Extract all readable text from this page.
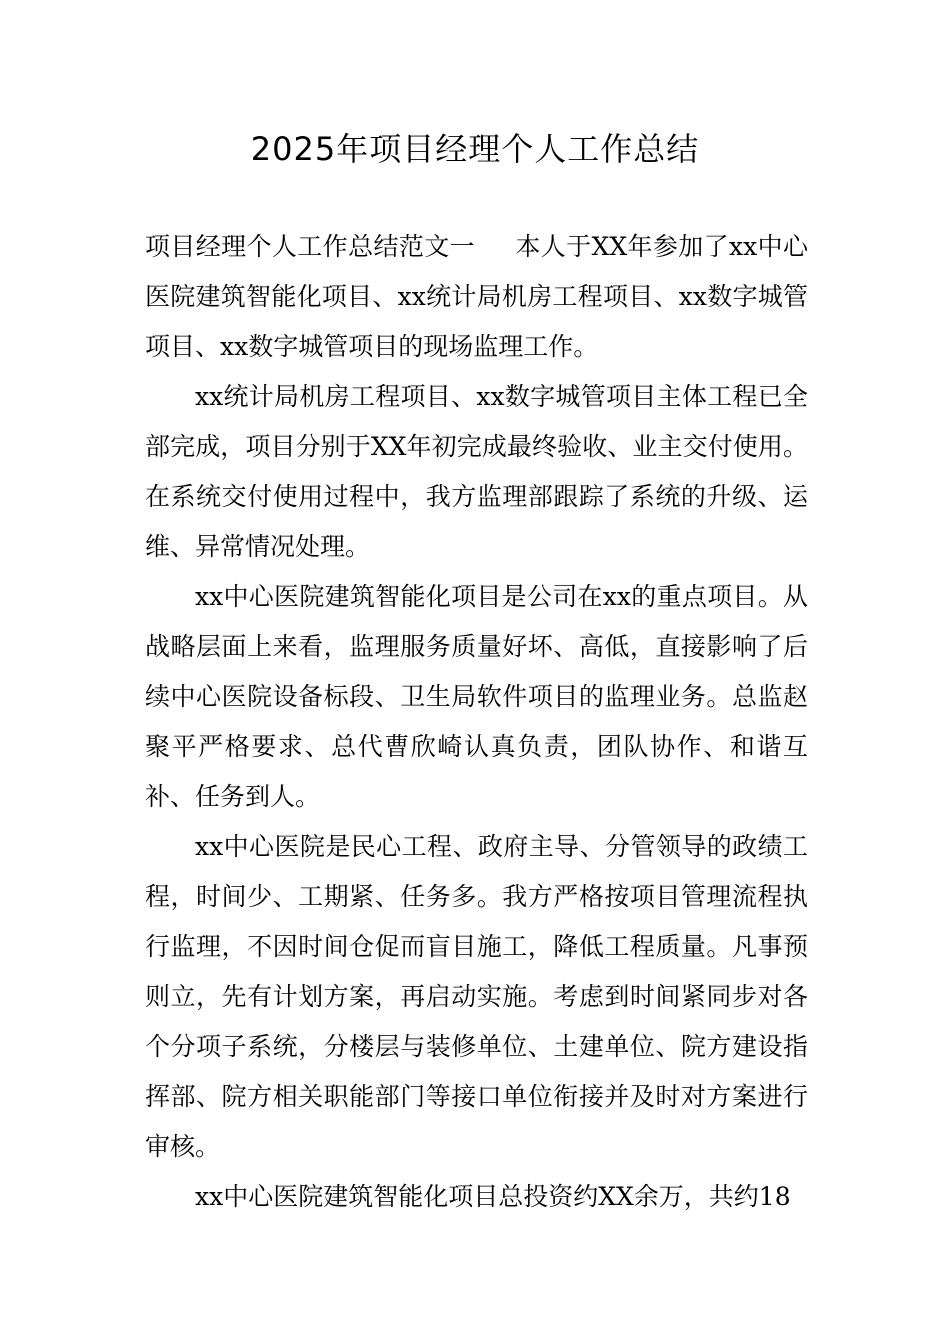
2025年项目经理个人工作总结

项目经理个人工作总结范文一 本人于XX年参加了xx中心医院建筑智能化项目、xx统计局机房工程项目、xx数字城管项目、xx数字城管项目的现场监理工作。

xx统计局机房工程项目、xx数字城管项目主体工程已全部完成，项目分别于XX年初完成最终验收、业主交付使用。在系统交付使用过程中，我方监理部跟踪了系统的升级、运维、异常情况处理。

xx中心医院建筑智能化项目是公司在xx的重点项目。从战略层面上来看，监理服务质量好坏、高低，直接影响了后续中心医院设备标段、卫生局软件项目的监理业务。总监赵聚平严格要求、总代曹欣崎认真负责，团队协作、和谐互补、任务到人。

xx中心医院是民心工程、政府主导、分管领导的政绩工程，时间少、工期紧、任务多。我方严格按项目管理流程执行监理，不因时间仓促而盲目施工，降低工程质量。凡事预则立，先有计划方案，再启动实施。考虑到时间紧同步对各个分项子系统，分楼层与装修单位、土建单位、院方建设指挥部、院方相关职能部门等接口单位衔接并及时对方案进行审核。

xx中心医院建筑智能化项目总投资约XX余万，共约18
